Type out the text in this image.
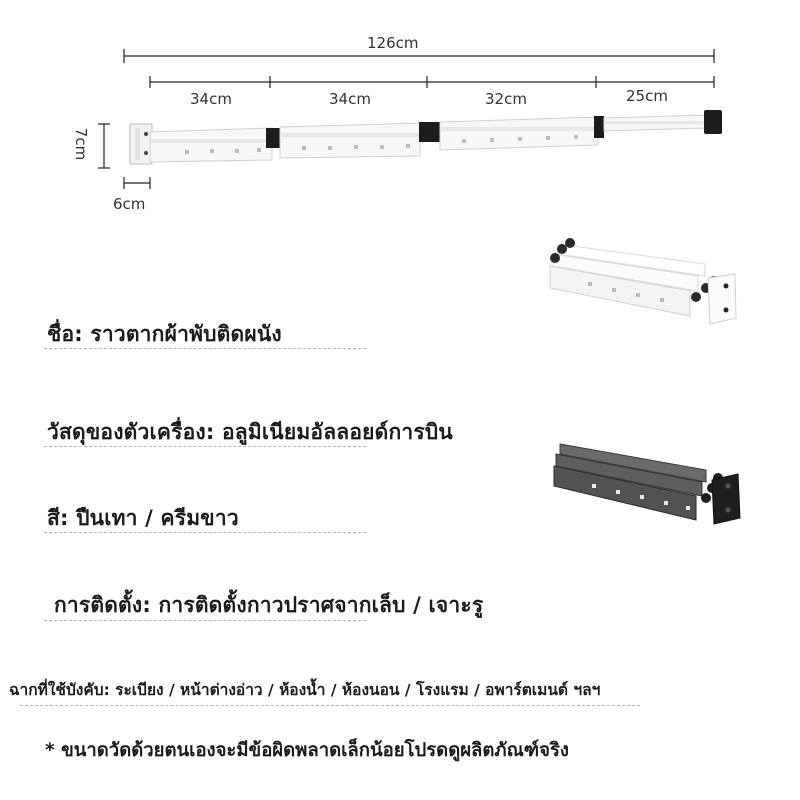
126cm
34cm	34cm	32cm	25cm
7cm
6cm
ชื่อ: ราวตากผ้าพับติดผนัง
วัสดุของตัวเครื่อง: อลูมิเนียมอัลลอยด์การบิน
สี: ปืนเทา / ครีมขาว
การติดตั้ง: การติดตั้งกาวปราศจากเล็บ / เจาะรู
ฉากที่ใช้บังคับ: ระเบียง / หน้าต่างอ่าว / ห้องน้ำ / ห้องนอน / โรงแรม / อพาร์ตเมนต์ ฯลฯ
* ขนาดวัดด้วยตนเองจะมีข้อผิดพลาดเล็กน้อยโปรดดูผลิตภัณฑ์จริง
